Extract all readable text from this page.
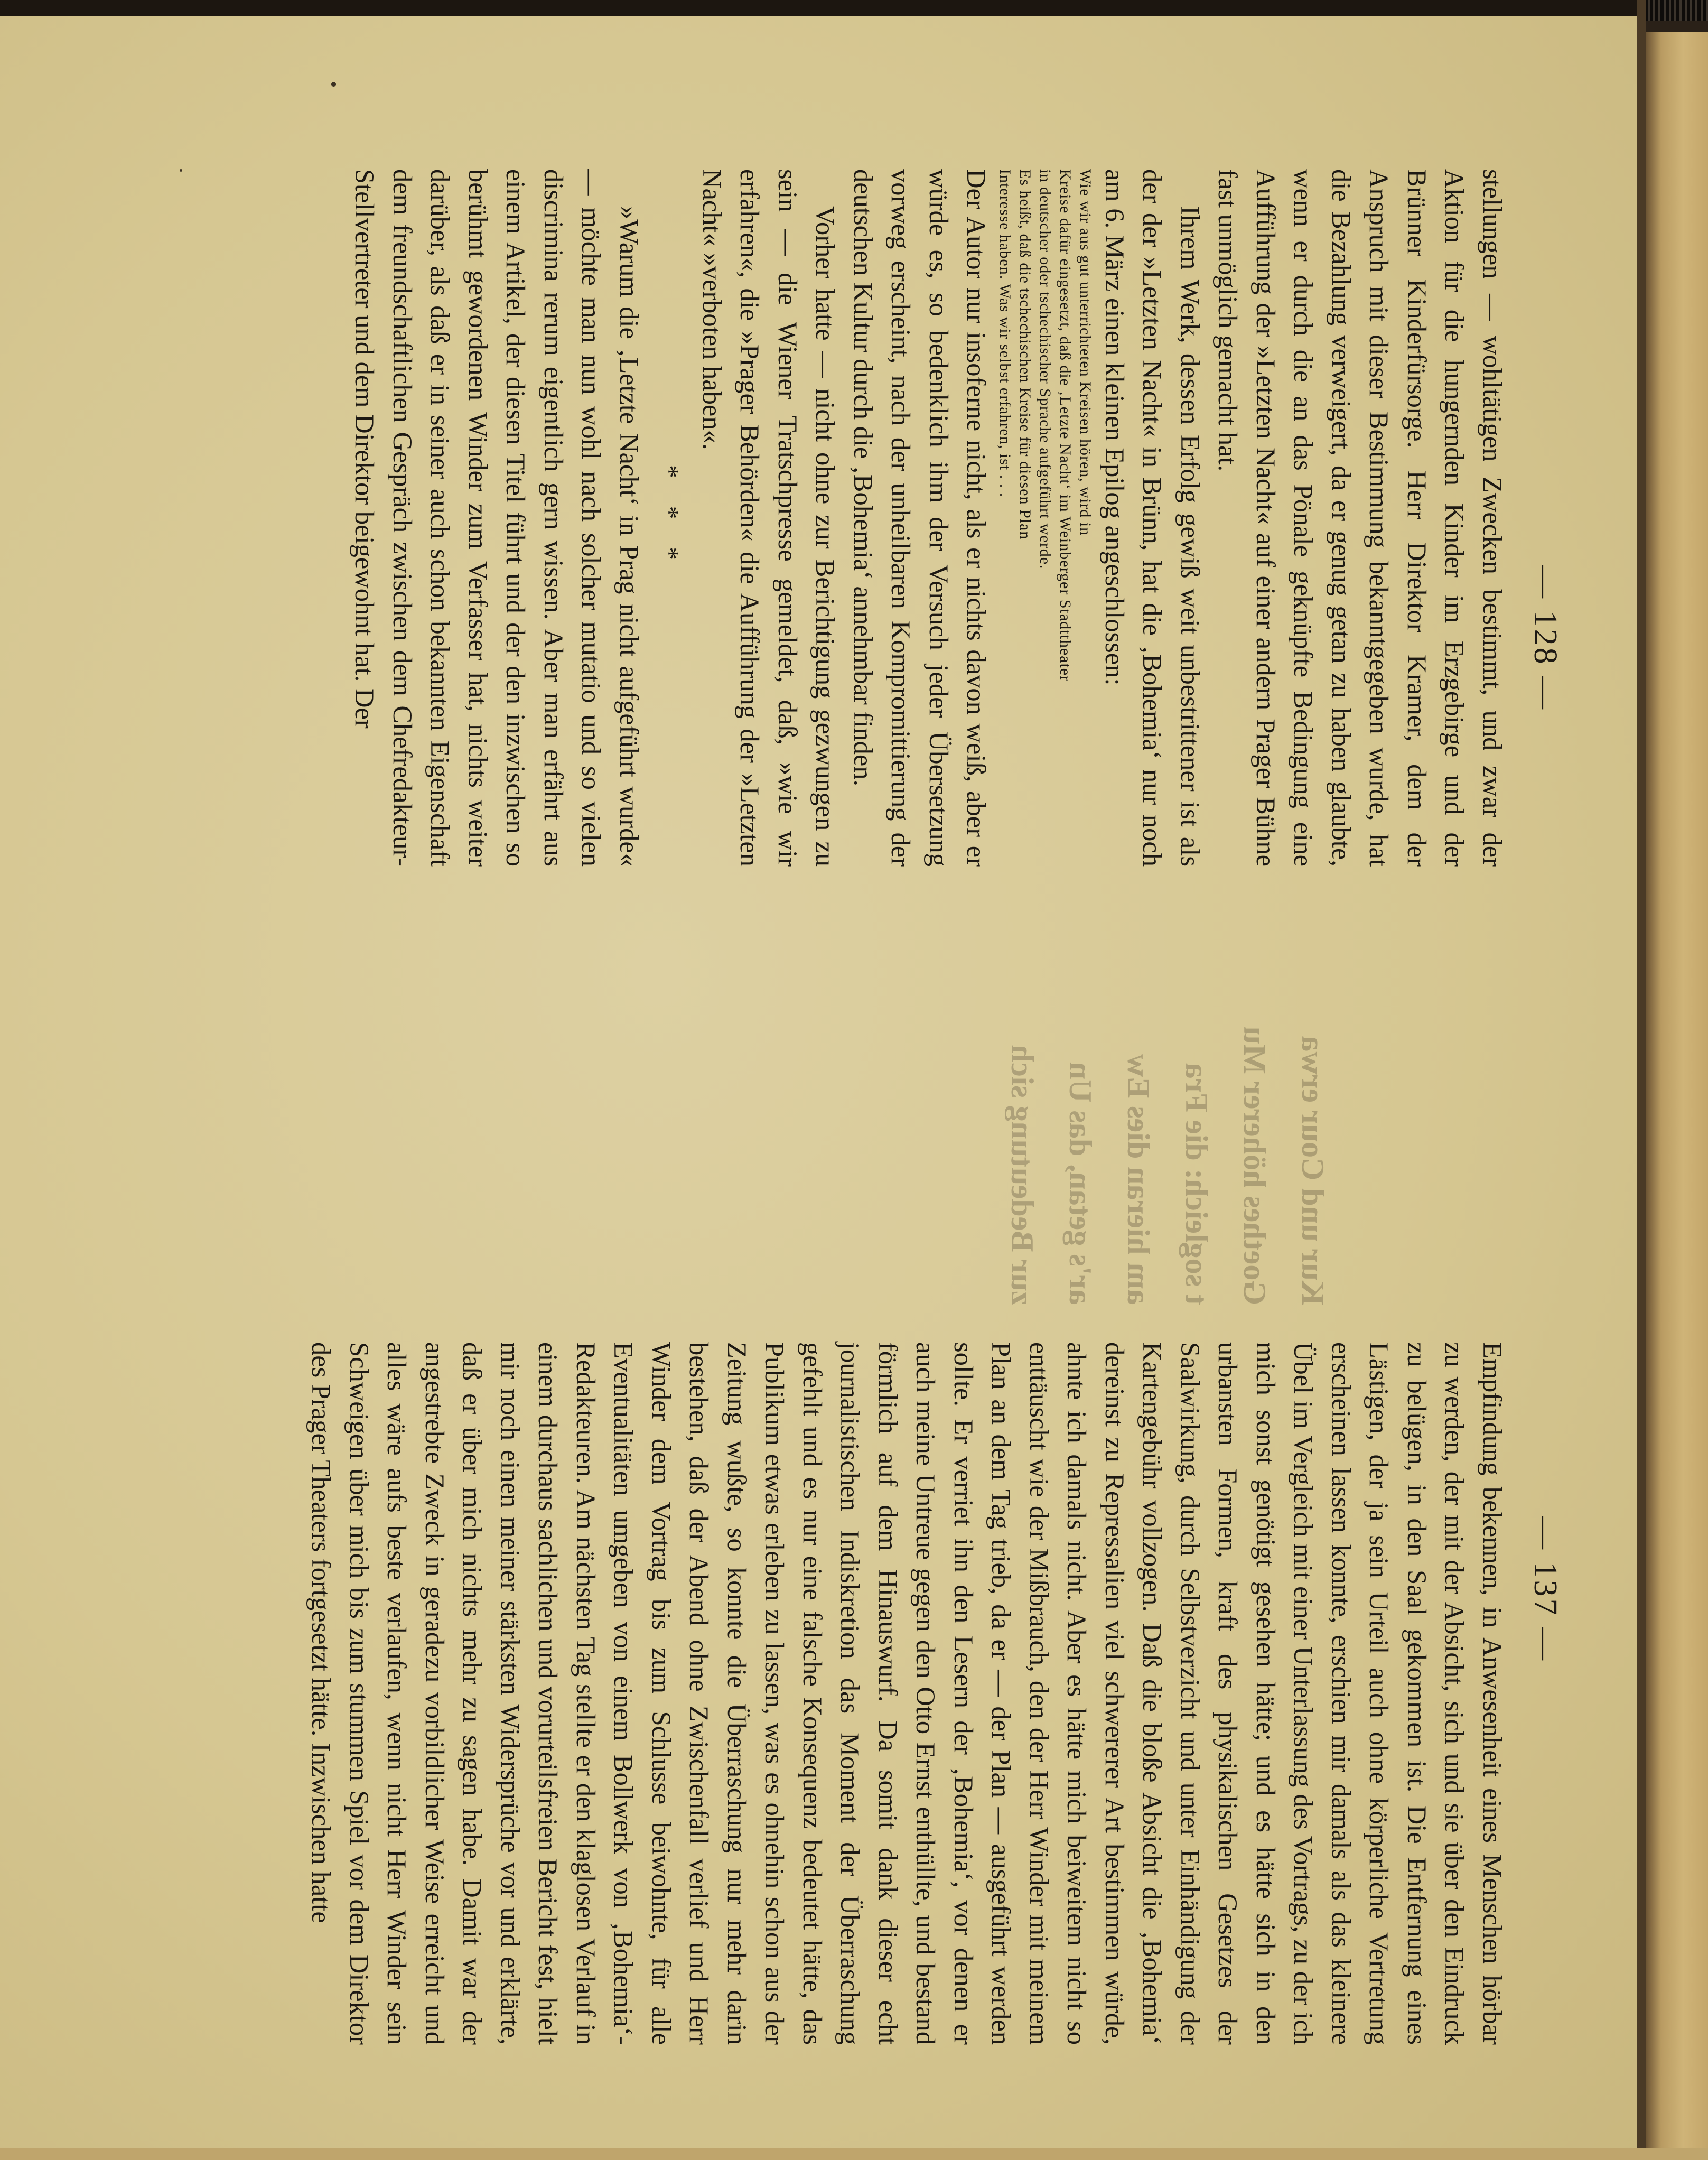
— 128 —
— 137 —

stellungen — wohltätigen Zwecken bestimmt, und zwar der Aktion für die hungernden Kinder im Erzgebirge und der Brünner Kinderfürsorge. Herr Direktor Kramer, dem der Anspruch mit dieser Bestimmung bekanntgegeben wurde, hat die Bezahlung verweigert, da er genug getan zu haben glaubte, wenn er durch die an das Pönale geknüpfte Bedingung eine Aufführung der »Letzten Nacht« auf einer andern Prager Bühne fast unmöglich gemacht hat.

Ihrem Werk, dessen Erfolg gewiß weit unbestrittener ist als der der »Letzten Nacht« in Brünn, hat die ‚Bohemia‘ nur noch am 6. März einen kleinen Epilog angeschlossen:

Wie wir aus gut unterrichteten Kreisen hören, wird in
Kreise dafür eingesetzt, daß die ‚Letzte Nacht‘ im Weinberger Stadttheater
in deutscher oder tschechischer Sprache aufgeführt werde.
Es heißt, daß die tschechischen Kreise für diesen Plan
Interesse haben. Was wir selbst erfahren, ist . . .

Der Autor nur insoferne nicht, als er nichts davon weiß, aber er würde es, so bedenklich ihm der Versuch jeder Übersetzung vorweg erscheint, nach der unheilbaren Kompromittierung der deutschen Kultur durch die ‚Bohemia‘ annehmbar finden.

Vorher hatte — nicht ohne zur Berichtigung gezwungen zu sein — die Wiener Tratschpresse gemeldet, daß, »wie wir erfahren«, die »Prager Behörden« die Aufführung der »Letzten Nacht« »verboten haben«.

* * *

»Warum die ‚Letzte Nacht‘ in Prag nicht aufgeführt wurde« — möchte man nun wohl nach solcher mutatio und so vielen discrimina rerum eigentlich gern wissen. Aber man erfährt aus einem Artikel, der diesen Titel führt und der den inzwischen so berühmt gewordenen Winder zum Verfasser hat, nichts weiter darüber, als daß er in seiner auch schon bekannten Eigenschaft dem freundschaftlichen Gespräch zwischen dem Chefredakteur-Stellvertreter und dem Direktor beigewohnt hat. Der

Kur und Cour erwa
Goethes höherer Mu
t sogleich: die Fra
am hieran dies Ew
ar's getan, das Un
zur Bedeutung sich

Empfindung bekennen, in Anwesenheit eines Menschen hörbar zu werden, der mit der Absicht, sich und sie über den Eindruck zu belügen, in den Saal gekommen ist. Die Entfernung eines Lästigen, der ja sein Urteil auch ohne körperliche Vertretung erscheinen lassen konnte, erschien mir damals als das kleinere Übel im Vergleich mit einer Unterlassung des Vortrags, zu der ich mich sonst genötigt gesehen hätte; und es hätte sich in den urbansten Formen, kraft des physikalischen Gesetzes der Saalwirkung, durch Selbstverzicht und unter Einhändigung der Kartengebühr vollzogen. Daß die bloße Absicht die ‚Bohemia‘ dereinst zu Repressalien viel schwererer Art bestimmen würde, ahnte ich damals nicht. Aber es hätte mich beiweitem nicht so enttäuscht wie der Mißbrauch, den der Herr Winder mit meinem Plan an dem Tag trieb, da er — der Plan — ausgeführt werden sollte. Er verriet ihn den Lesern der ‚Bohemia‘, vor denen er auch meine Untreue gegen den Otto Ernst enthüllte, und bestand förmlich auf dem Hinauswurf. Da somit dank dieser echt journalistischen Indiskretion das Moment der Überraschung gefehlt und es nur eine falsche Konsequenz bedeutet hätte, das Publikum etwas erleben zu lassen, was es ohnehin schon aus der Zeitung wußte, so konnte die Überraschung nur mehr darin bestehen, daß der Abend ohne Zwischenfall verlief und Herr Winder dem Vortrag bis zum Schlusse beiwohnte, für alle Eventualitäten umgeben von einem Bollwerk von ‚Bohemia‘-Redakteuren. Am nächsten Tag stellte er den klaglosen Verlauf in einem durchaus sachlichen und vorurteilsfreien Bericht fest, hielt mir noch einen meiner stärksten Widersprüche vor und erklärte, daß er über mich nichts mehr zu sagen habe. Damit war der angestrebte Zweck in geradezu vorbildlicher Weise erreicht und alles wäre aufs beste verlaufen, wenn nicht Herr Winder sein Schweigen über mich bis zum stummen Spiel vor dem Direktor des Prager Theaters fortgesetzt hätte. Inzwischen hatte
